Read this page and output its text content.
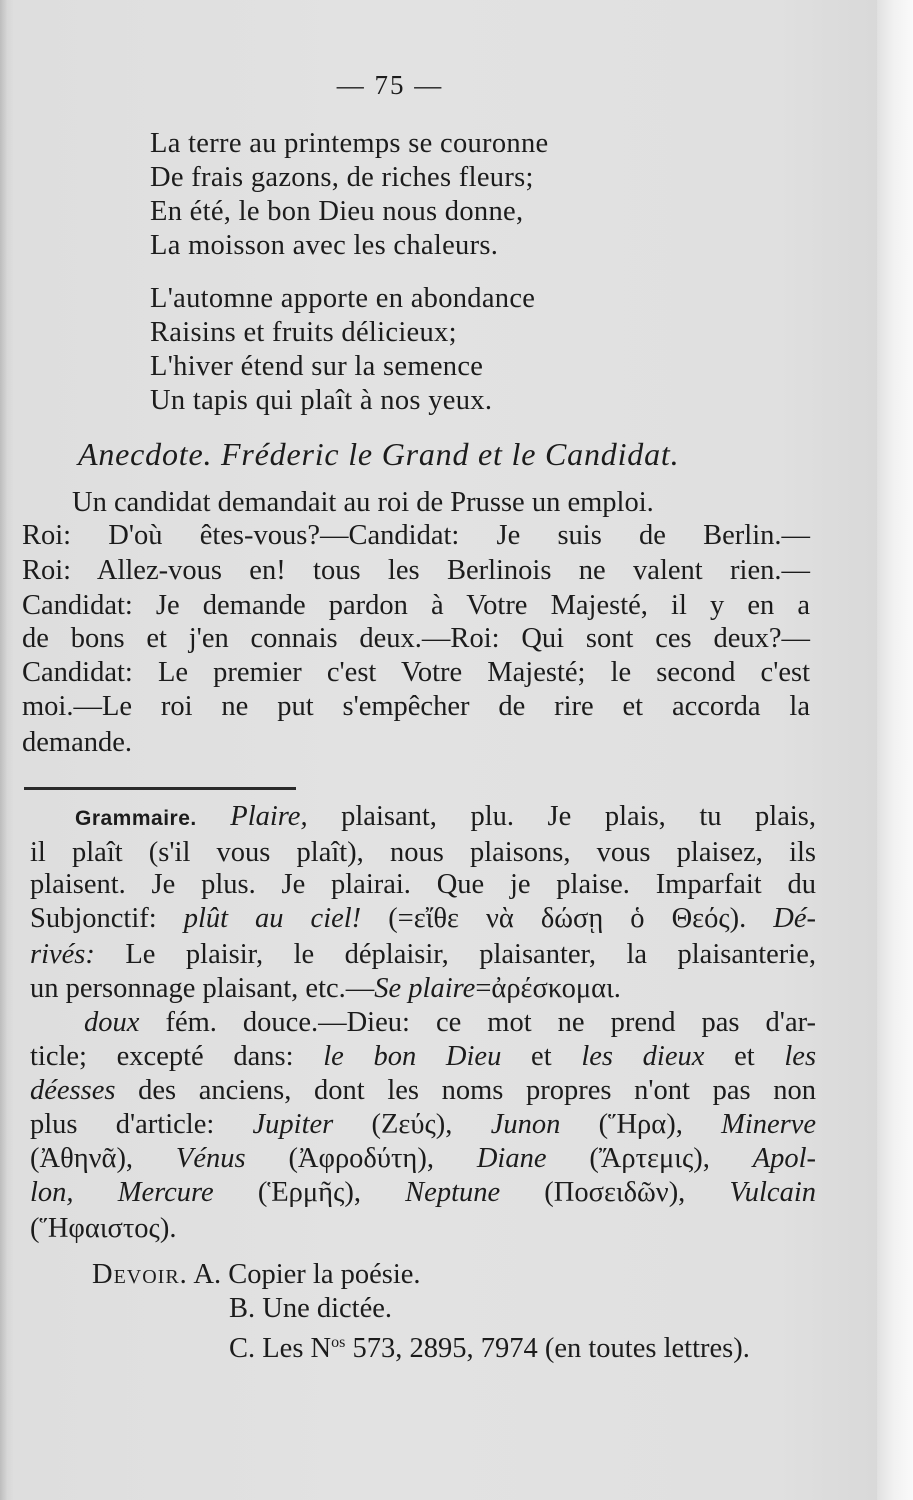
— 75 —
La terre au printemps se couronne
De frais gazons, de riches fleurs;
En été, le bon Dieu nous donne,
La moisson avec les chaleurs.
L'automne apporte en abondance
Raisins et fruits délicieux;
L'hiver étend sur la semence
Un tapis qui plaît à nos yeux.
Anecdote. Fréderic le Grand et le Candidat.
Un candidat demandait au roi de Prusse un emploi.
Roi: D'où êtes-vous?—Candidat: Je suis de Berlin.—
Roi: Allez-vous en! tous les Berlinois ne valent rien.—
Candidat: Je demande pardon à Votre Majesté, il y en a
de bons et j'en connais deux.—Roi: Qui sont ces deux?—
Candidat: Le premier c'est Votre Majesté; le second c'est
moi.—Le roi ne put s'empêcher de rire et accorda la
demande.
Grammaire. Plaire, plaisant, plu. Je plais, tu plais,
il plaît (s'il vous plaît), nous plaisons, vous plaisez, ils
plaisent. Je plus. Je plairai. Que je plaise. Imparfait du
Subjonctif: plût au ciel! (=εἴθε νὰ δώσῃ ὁ Θεός). Dé-
rivés: Le plaisir, le déplaisir, plaisanter, la plaisanterie,
un personnage plaisant, etc.—Se plaire=ἀρέσκομαι.
doux fém. douce.—Dieu: ce mot ne prend pas d'ar-
ticle; excepté dans: le bon Dieu et les dieux et les
déesses des anciens, dont les noms propres n'ont pas non
plus d'article: Jupiter (Ζεύς), Junon (Ἥρα), Minerve
(Ἀθηνᾶ), Vénus (Ἀφροδύτη), Diane (Ἄρτεμις), Apol-
lon, Mercure (Ἑρμῆς), Neptune (Ποσειδῶν), Vulcain
(Ἥφαιστος).
Devoir. A. Copier la poésie.
B. Une dictée.
C. Les $N^{os}$ 573, 2895, 7974 (en toutes lettres).
